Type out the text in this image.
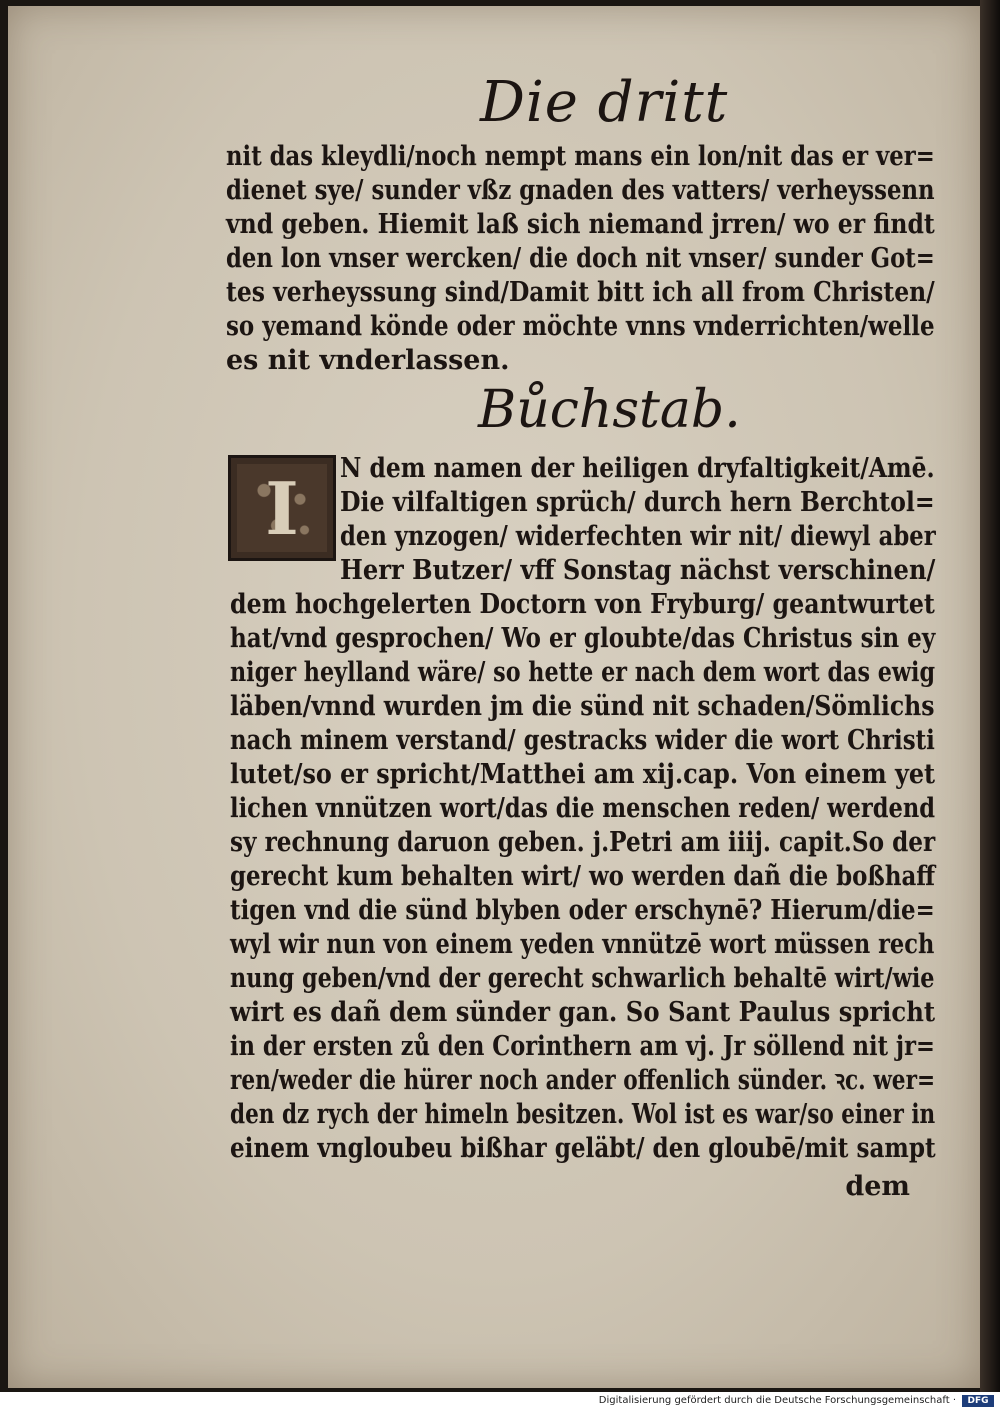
Die dritt
nit das kleydli/noch nempt mans ein lon/nit das er ver=
dienet sye/ sunder vßz gnaden des vatters/ verheyssenn
vnd geben. Hiemit laß sich niemand jrren/ wo er findt
den lon vnser wercken/ die doch nit vnser/ sunder Got=
tes verheyssung sind/Damit bitt ich all from Christen/
so yemand könde oder möchte vnns vnderrichten/welle
es nit vnderlassen.
Bůchstab.
I	N dem namen der heiligen dryfaltigkeit/Amē.
Die vilfaltigen sprüch/ durch hern Berchtol=
den ynzogen/ widerfechten wir nit/ diewyl aber
Herr Butzer/ vff Sonstag nächst verschinen/
dem hochgelerten Doctorn von Fryburg/ geantwurtet
hat/vnd gesprochen/ Wo er gloubte/das Christus sin ey
niger heylland wäre/ so hette er nach dem wort das ewig
läben/vnnd wurden jm die sünd nit schaden/Sömlichs
nach minem verstand/ gestracks wider die wort Christi
lutet/so er spricht/Matthei am xij.cap. Von einem yet
lichen vnnützen wort/das die menschen reden/ werdend
sy rechnung daruon geben. j.Petri am iiij. capit.So der
gerecht kum behalten wirt/ wo werden dañ die boßhaff
tigen vnd die sünd blyben oder erschynē? Hierum/die=
wyl wir nun von einem yeden vnnützē wort müssen rech
nung geben/vnd der gerecht schwarlich behaltē wirt/wie
wirt es dañ dem sünder gan. So Sant Paulus spricht
in der ersten zů den Corinthern am vj. Jr söllend nit jr=
ren/weder die hürer noch ander offenlich sünder. ꝛc. wer=
den dz rych der himeln besitzen. Wol ist es war/so einer in
einem vngloubeu bißhar geläbt/ den gloubē/mit sampt
dem
Digitalisierung gefördert durch die Deutsche Forschungsgemeinschaft ·	DFG
